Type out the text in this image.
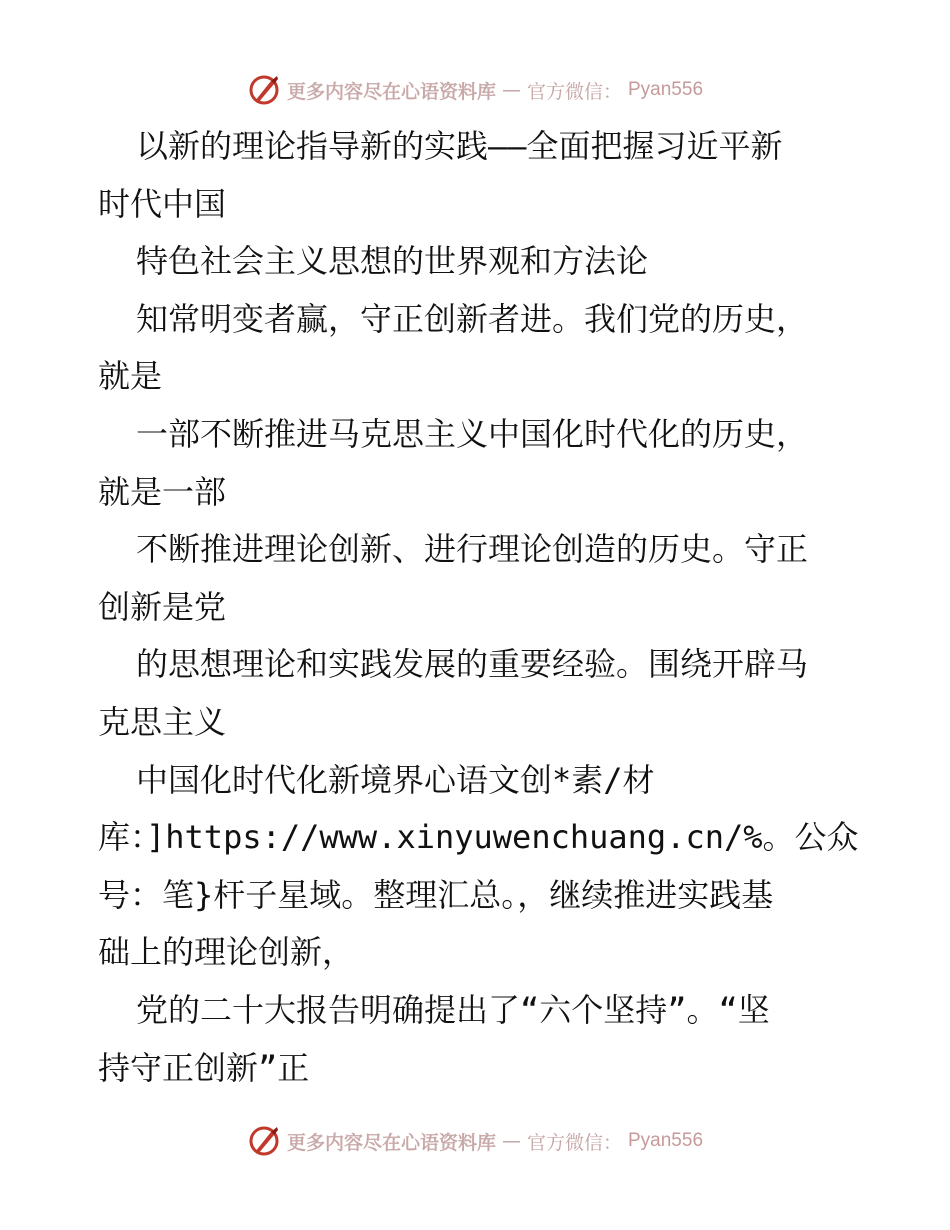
更多内容尽在心语资料库 — 官方微信： Pyan556
以新的理论指导新的实践——全面把握习近平新
时代中国
特色社会主义思想的世界观和方法论
知常明变者赢，守正创新者进。我们党的历史，
就是
一部不断推进马克思主义中国化时代化的历史，
就是一部
不断推进理论创新、进行理论创造的历史。守正
创新是党
的思想理论和实践发展的重要经验。围绕开辟马
克思主义
中国化时代化新境界心语文创*素/材
库：]https://www.xinyuwenchuang.cn/%。公众
号：笔}杆子星域。整理汇总。，继续推进实践基
础上的理论创新，
党的二十大报告明确提出了“六个坚持”。“坚
持守正创新”正
更多内容尽在心语资料库 — 官方微信： Pyan556
